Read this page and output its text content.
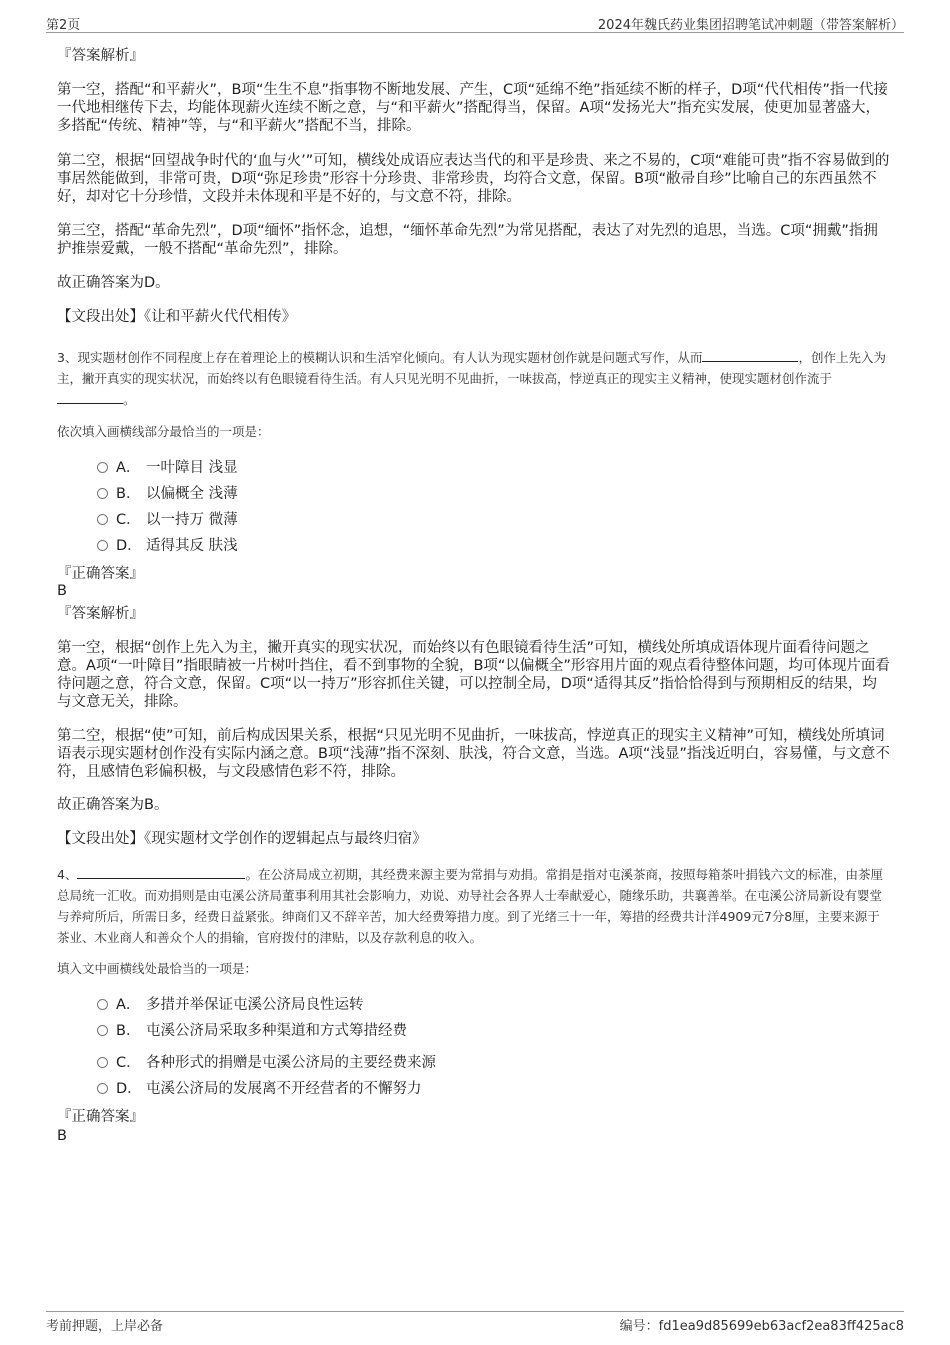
第2页	2024年魏氏药业集团招聘笔试冲刺题（带答案解析）
『答案解析』

第一空，搭配“和平薪火”，B项“生生不息”指事物不断地发展、产生，C项“延绵不绝”指延续不断的样子，D项“代代相传”指一代接一代地相继传下去，均能体现薪火连续不断之意，与“和平薪火”搭配得当，保留。A项“发扬光大”指充实发展，使更加显著盛大，多搭配“传统、精神”等，与“和平薪火”搭配不当，排除。

第二空，根据“回望战争时代的‘血与火’”可知，横线处成语应表达当代的和平是珍贵、来之不易的，C项“难能可贵”指不容易做到的事居然能做到，非常可贵，D项“弥足珍贵”形容十分珍贵、非常珍贵，均符合文意，保留。B项“敝帚自珍”比喻自己的东西虽然不好，却对它十分珍惜，文段并未体现和平是不好的，与文意不符，排除。

第三空，搭配“革命先烈”，D项“缅怀”指怀念，追想，“缅怀革命先烈”为常见搭配，表达了对先烈的追思，当选。C项“拥戴”指拥护推崇爱戴，一般不搭配“革命先烈”，排除。

故正确答案为D。

【文段出处】《让和平薪火代代相传》

3、现实题材创作不同程度上存在着理论上的模糊认识和生活窄化倾向。有人认为现实题材创作就是问题式写作，从而	，创作上先入为主，撇开真实的现实状况，而始终以有色眼镜看待生活。有人只见光明不见曲折，一味拔高，悖逆真正的现实主义精神，使现实题材创作流于。

依次填入画横线部分最恰当的一项是：

A． 一叶障目 浅显
B． 以偏概全 浅薄
C． 以一持万 微薄
D． 适得其反 肤浅
『正确答案』
B
『答案解析』

第一空，根据“创作上先入为主，撇开真实的现实状况，而始终以有色眼镜看待生活”可知，横线处所填成语体现片面看待问题之意。A项“一叶障目”指眼睛被一片树叶挡住，看不到事物的全貌，B项“以偏概全”形容用片面的观点看待整体问题，均可体现片面看待问题之意，符合文意，保留。C项“以一持万”形容抓住关键，可以控制全局，D项“适得其反”指恰恰得到与预期相反的结果，均与文意无关，排除。

第二空，根据“使”可知，前后构成因果关系，根据“只见光明不见曲折，一味拔高，悖逆真正的现实主义精神”可知，横线处所填词语表示现实题材创作没有实际内涵之意。B项“浅薄”指不深刻、肤浅，符合文意，当选。A项“浅显”指浅近明白，容易懂，与文意不符，且感情色彩偏积极，与文段感情色彩不符，排除。

故正确答案为B。

【文段出处】《现实题材文学创作的逻辑起点与最终归宿》

4、	。在公济局成立初期，其经费来源主要为常捐与劝捐。常捐是指对屯溪茶商，按照每箱茶叶捐钱六文的标准，由茶厘总局统一汇收。而劝捐则是由屯溪公济局董事利用其社会影响力，劝说、劝导社会各界人士奉献爱心，随缘乐助，共襄善举。在屯溪公济局新设有婴堂与养疴所后，所需日多，经费日益紧张。绅商们又不辞辛苦，加大经费筹措力度。到了光绪三十一年，筹措的经费共计洋4909元7分8厘，主要来源于茶业、木业商人和善众个人的捐输，官府拨付的津贴，以及存款利息的收入。

填入文中画横线处最恰当的一项是：

A． 多措并举保证屯溪公济局良性运转
B． 屯溪公济局采取多种渠道和方式筹措经费
C． 各种形式的捐赠是屯溪公济局的主要经费来源
D． 屯溪公济局的发展离不开经营者的不懈努力
『正确答案』
B
考前押题，上岸必备	编号：fd1ea9d85699eb63acf2ea83ff425ac8
